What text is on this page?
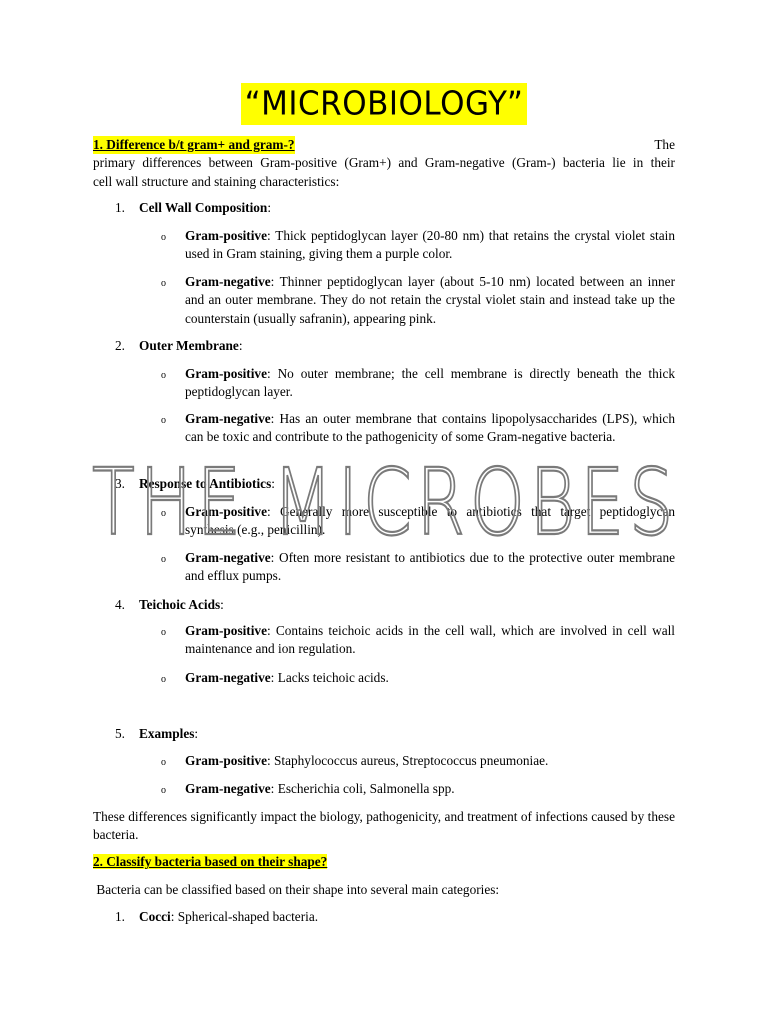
“MICROBIOLOGY”
1. Difference b/t gram+ and gram-?	The
primary differences between Gram-positive (Gram+) and Gram-negative (Gram-) bacteria lie in their
cell wall structure and staining characteristics:
1. Cell Wall Composition:
o Gram-positive: Thick peptidoglycan layer (20-80 nm) that retains the crystal violet stain used in Gram staining, giving them a purple color.
o Gram-negative: Thinner peptidoglycan layer (about 5-10 nm) located between an inner and an outer membrane. They do not retain the crystal violet stain and instead take up the counterstain (usually safranin), appearing pink.
2. Outer Membrane:
o Gram-positive: No outer membrane; the cell membrane is directly beneath the thick peptidoglycan layer.
o Gram-negative: Has an outer membrane that contains lipopolysaccharides (LPS), which can be toxic and contribute to the pathogenicity of some Gram-negative bacteria.
3. Response to Antibiotics:
o Gram-positive: Generally more susceptible to antibiotics that target peptidoglycan synthesis (e.g., penicillin).
o Gram-negative: Often more resistant to antibiotics due to the protective outer membrane and efflux pumps.
4. Teichoic Acids:
o Gram-positive: Contains teichoic acids in the cell wall, which are involved in cell wall maintenance and ion regulation.
o Gram-negative: Lacks teichoic acids.
5. Examples:
o Gram-positive: Staphylococcus aureus, Streptococcus pneumoniae.
o Gram-negative: Escherichia coli, Salmonella spp.
These differences significantly impact the biology, pathogenicity, and treatment of infections caused by these bacteria.
2. Classify bacteria based on their shape?
Bacteria can be classified based on their shape into several main categories:
1. Cocci: Spherical-shaped bacteria.
THE MICROBES
